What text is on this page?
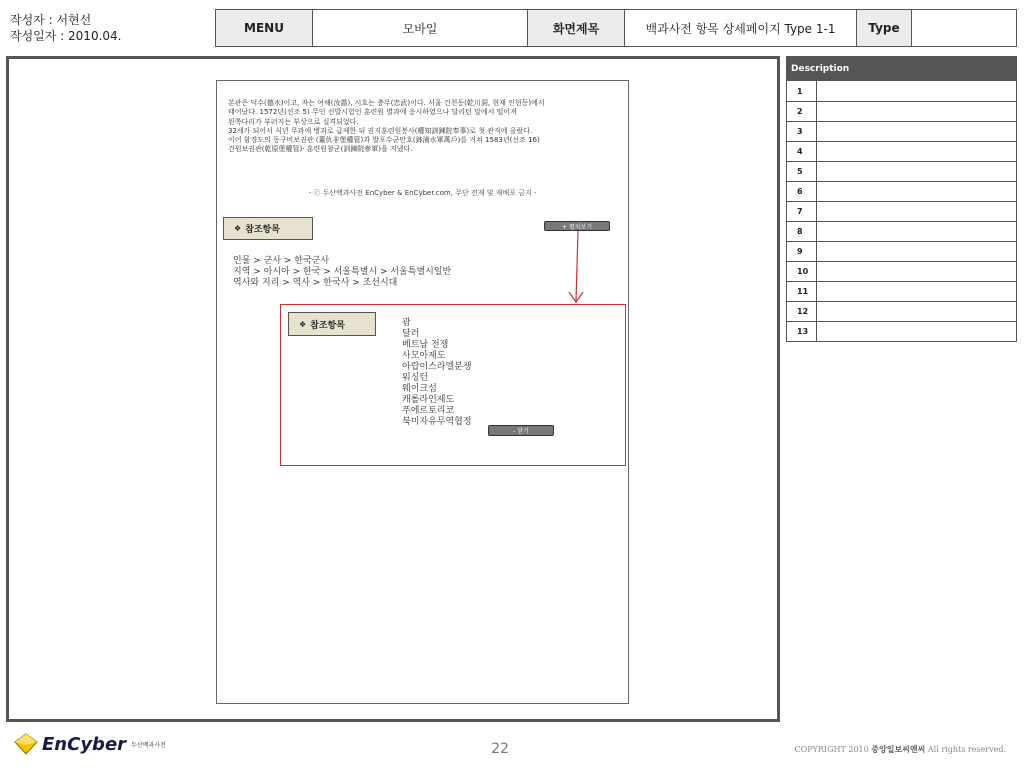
작성자 : 서현선
작성일자 : 2010.04.
MENU	모바일	화면제목	백과사전 항목 상세페이지 Type 1-1	Type

본관은 덕수(德水)이고, 자는 여해(汝諧), 시호는 충무(忠武)이다. 서울 건천동(乾川洞, 현재 인현동)에서

태어났다. 1572년(선조 5) 무인 선발시험인 훈련원 별과에 응시하였으나 달리던 말에서 떨어져

왼쪽다리가 부러지는 부상으로 실격되었다.

32세가 되어서 식년 무과에 병과로 급제한 뒤 권지훈련원봉사(權知訓鍊院奉事)로 첫 관직에 올랐다.

이어 함경도의 동구비보권관 (董仇非堡權管)과 발포수군만호(鉢浦水軍萬戶)를 거쳐 1583년(선조 16)

건원보권관(乾原堡權管)· 훈련원참군(訓鍊院參軍)을 지냈다.

- ⓒ 두산백과사전 EnCyber & EnCyber.com, 무단 전재 및 재배포 금지 -
❖ 참조항목	+ 펼쳐보기
인물 > 군사 > 한국군사
지역 > 아시아 > 한국 > 서울특별시 > 서울특별시일반
역사와 지리 > 역사 > 한국사 > 조선시대
❖ 참조항목	괌
달러
베트남 전쟁
사모아제도
아랍이스라엘분쟁
워싱턴
웨이크섬
캐롤라인제도
푸에르토리코
북미자유무역협정
- 닫기
Description
1
2
3
4
5
6
7
8
9
10
11
12
13
EnCyber 두산백과사전	22	COPYRIGHT 2010 중앙일보씨앤씨 All rights reserved.
